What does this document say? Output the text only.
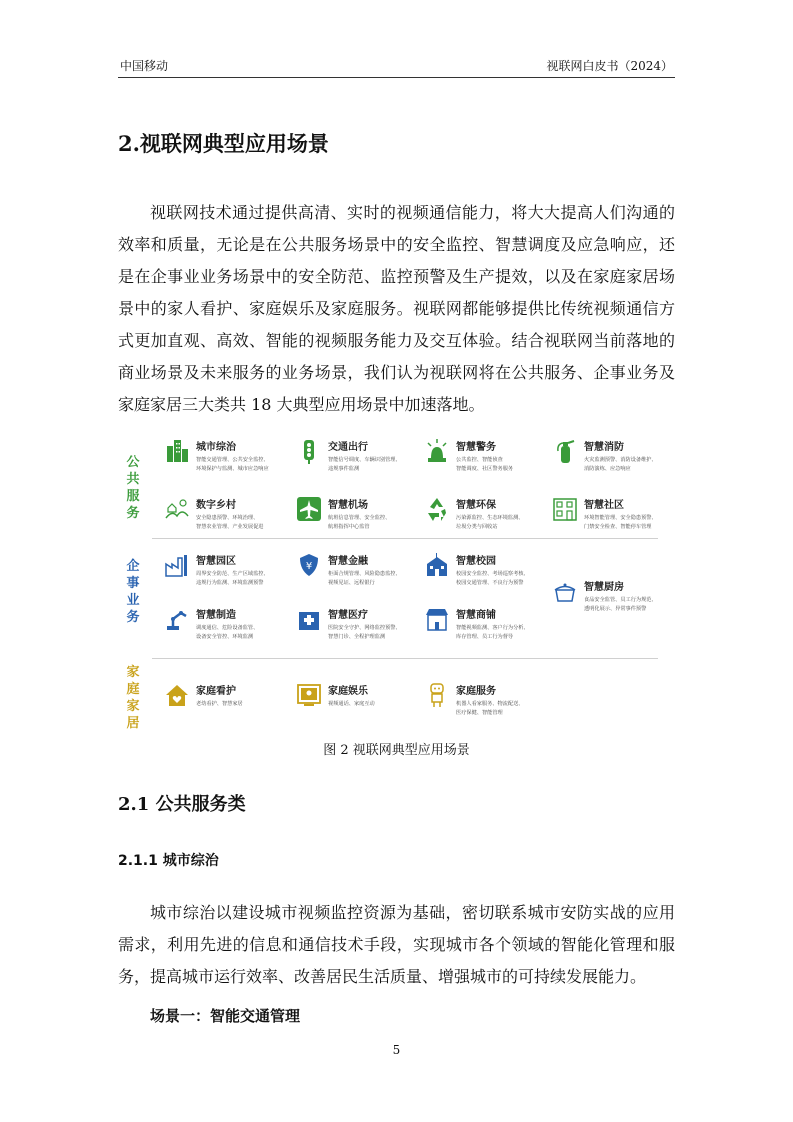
中国移动	视联网白皮书（2024）
2.视联网典型应用场景

视联网技术通过提供高清、实时的视频通信能力，将大大提高人们沟通的效率和质量，无论是在公共服务场景中的安全监控、智慧调度及应急响应，还是在企事业业务场景中的安全防范、监控预警及生产提效，以及在家庭家居场景中的家人看护、家庭娱乐及家庭服务。视联网都能够提供比传统视频通信方式更加直观、高效、智能的视频服务能力及交互体验。结合视联网当前落地的商业场景及未来服务的业务场景，我们认为视联网将在公共服务、企事业务及家庭家居三大类共 18 大典型应用场景中加速落地。

公
共
服
务
企
事
业
务
家
庭
家
居
城市综治
智能交通管理、公共安全监控、
环境保护与监测、城市应急响应
交通出行
智能信号调度、车辆识别管理、
违规事件监测
智慧警务
公共监控、智能侦查
智能调度、社区警务服务
智慧消防
火灾监测预警、消防设备维护、
消防演练、应急响应
数字乡村
安全隐患预警、环境治理、
智慧农业管理、产业发展促进
智慧机场
航班信息管理、安全监控、
航班指挥中心监管
智慧环保
污染源监控、生态环境监测、
垃圾分类与回收站
智慧社区
环境智能管理、安全隐患预警、
门禁安全检查、智能停车管理
智慧园区
周界安全防范、生产区域监控、
违规行为监测、环境监测预警
¥ 智慧金融
柜面合规管理、风险隐患监控、
视频见证、远程银行
智慧校园
校园安全监控、考场巡察考核、
校园交通管理、不良行为预警	智慧厨房
食品安全监管、员工行为规范、
透明化展示、异常事件预警
智慧制造
调度通信、危险设备监管、
设备安全管控、环境监测
智慧医疗
医院安全守护、网络监控预警、
智慧门诊、全程护理监测
智慧商铺
智能视频监测、客户行为分析、
库存管理、员工行为督导
家庭看护
老幼看护、智慧家居
家庭娱乐
视频通话、家庭互动
家庭服务
机器人看家服务、物流配送、
医疗保健、智能管理
图 2 视联网典型应用场景
2.1 公共服务类
2.1.1 城市综治

城市综治以建设城市视频监控资源为基础，密切联系城市安防实战的应用需求，利用先进的信息和通信技术手段，实现城市各个领域的智能化管理和服务，提高城市运行效率、改善居民生活质量、增强城市的可持续发展能力。

场景一：智能交通管理
5
